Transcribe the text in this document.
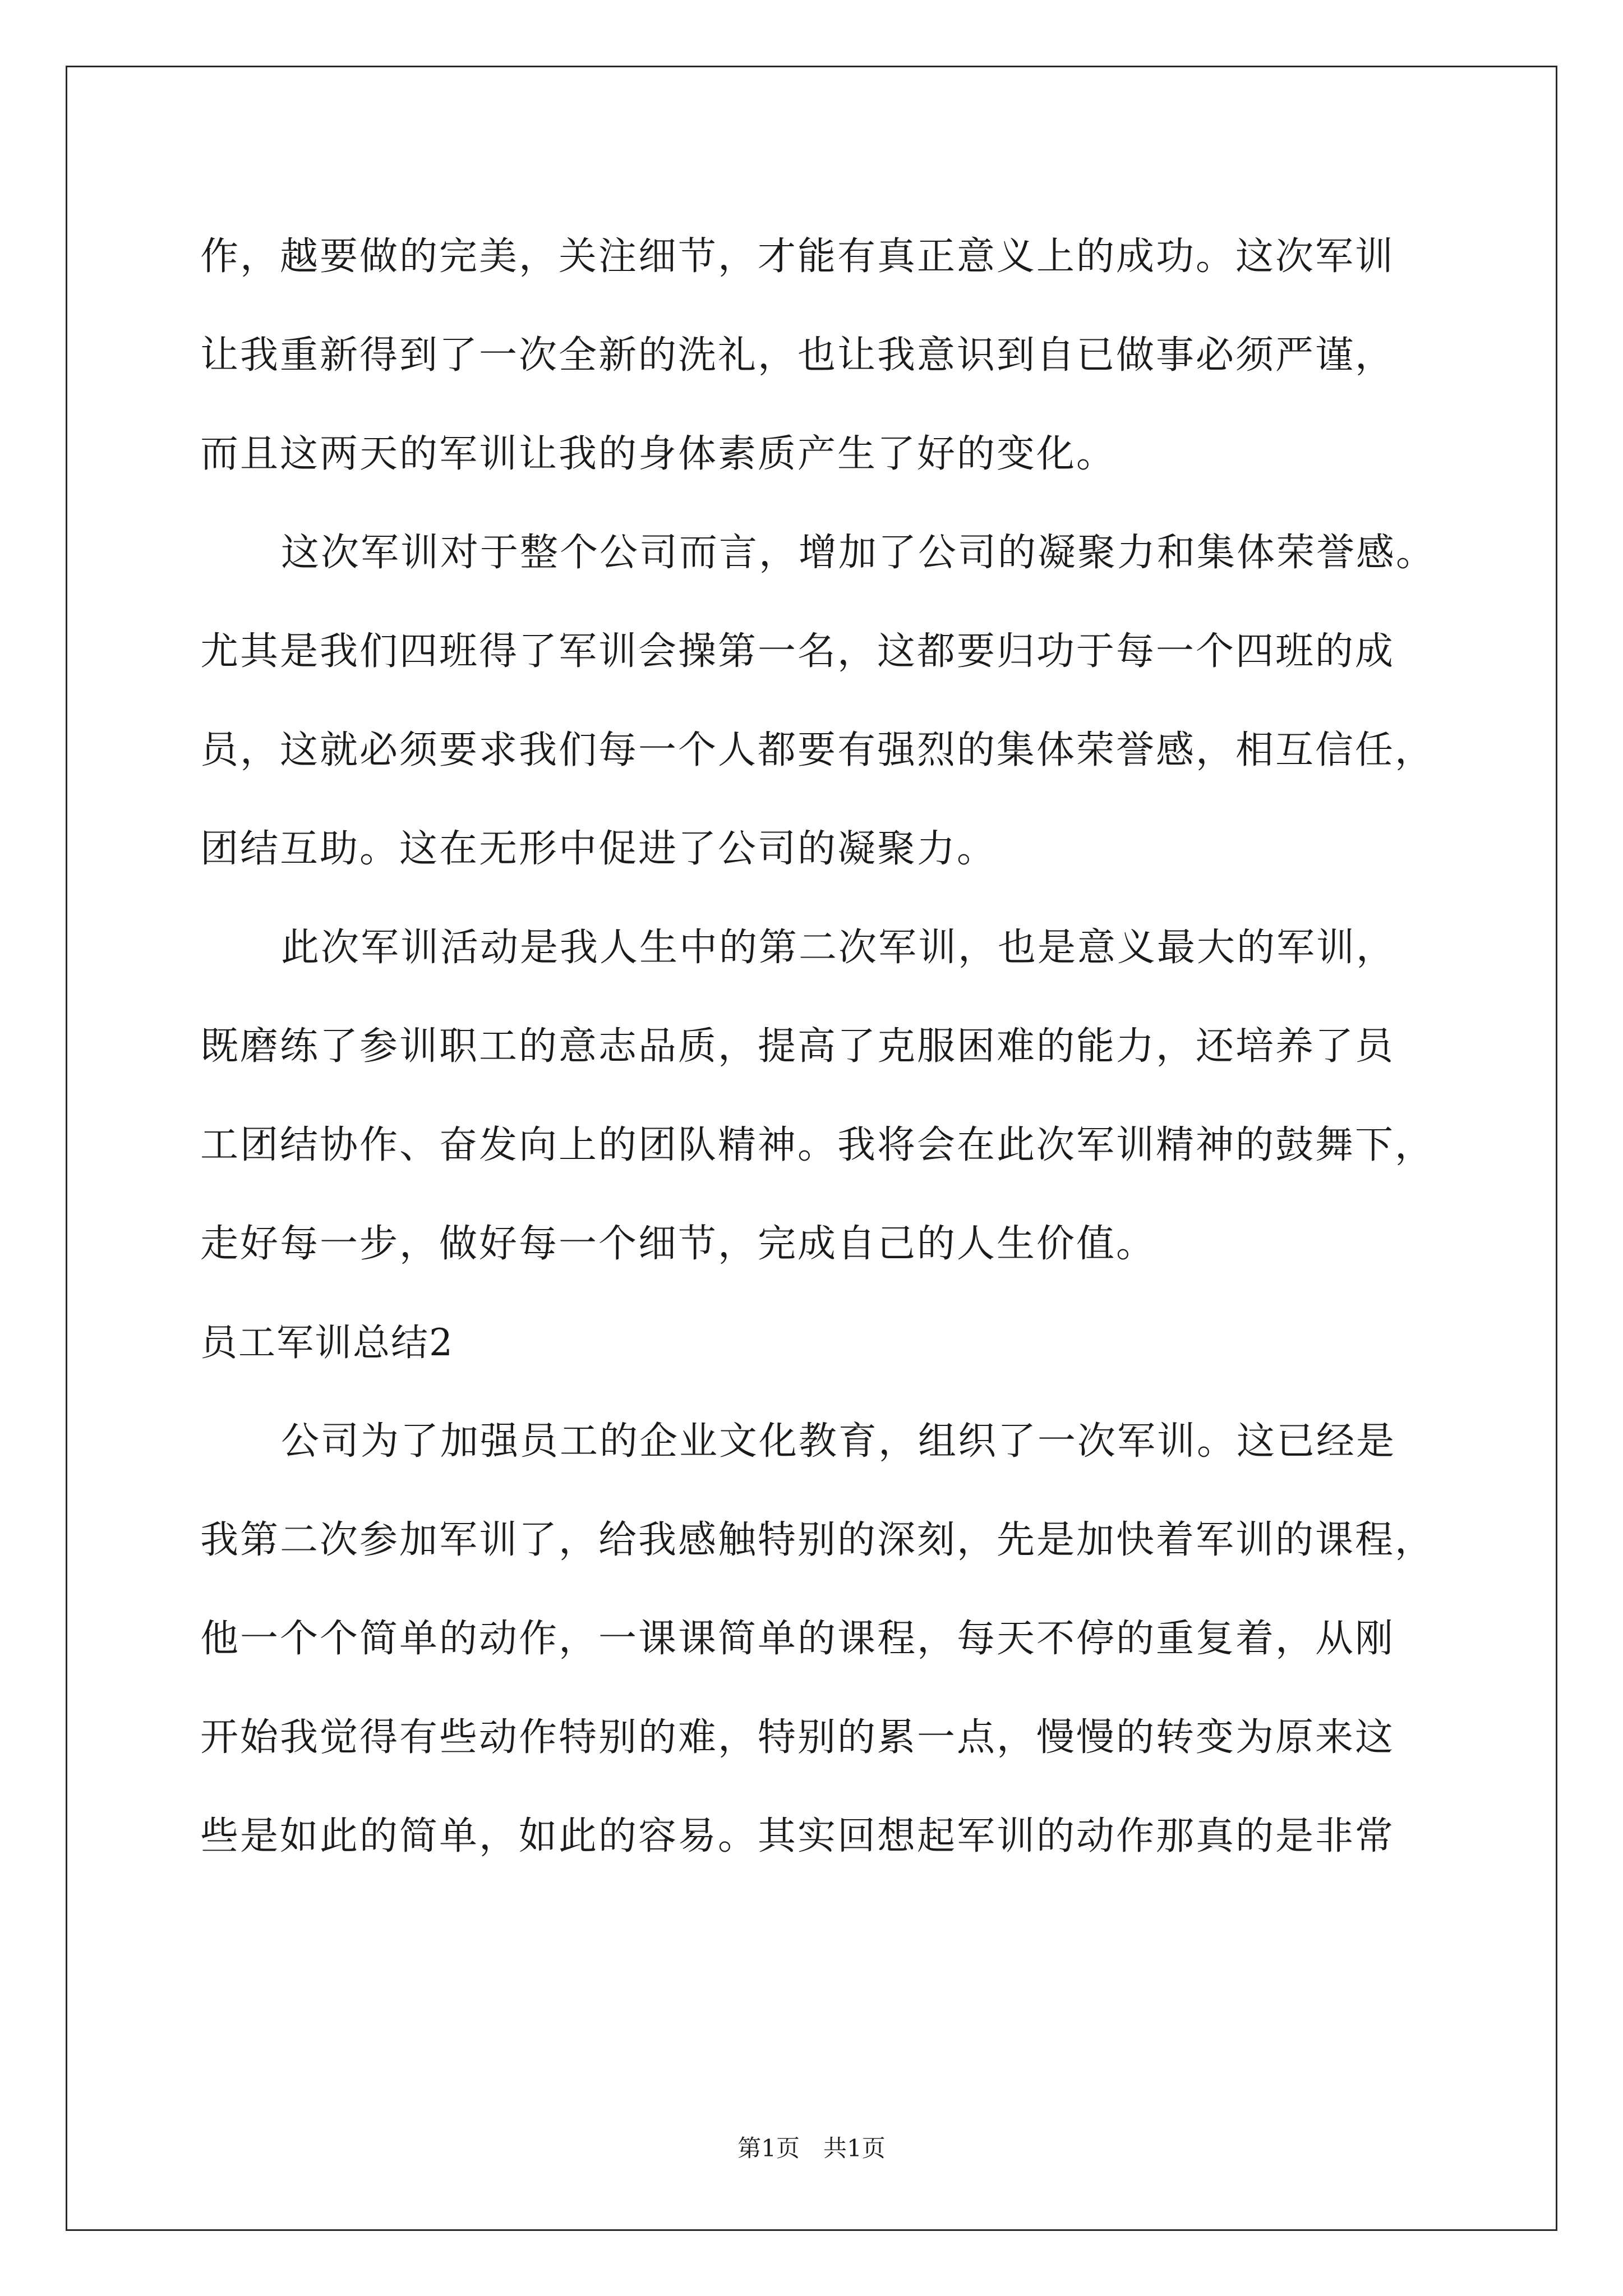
作，越要做的完美，关注细节，才能有真正意义上的成功。这次军训
让我重新得到了一次全新的洗礼，也让我意识到自已做事必须严谨，
而且这两天的军训让我的身体素质产生了好的变化。
这次军训对于整个公司而言，增加了公司的凝聚力和集体荣誉感。
尤其是我们四班得了军训会操第一名，这都要归功于每一个四班的成
员，这就必须要求我们每一个人都要有强烈的集体荣誉感，相互信任，
团结互助。这在无形中促进了公司的凝聚力。
此次军训活动是我人生中的第二次军训，也是意义最大的军训，
既磨练了参训职工的意志品质，提高了克服困难的能力，还培养了员
工团结协作、奋发向上的团队精神。我将会在此次军训精神的鼓舞下，
走好每一步，做好每一个细节，完成自己的人生价值。
员工军训总结2
公司为了加强员工的企业文化教育，组织了一次军训。这已经是
我第二次参加军训了，给我感触特别的深刻，先是加快着军训的课程，
他一个个简单的动作，一课课简单的课程，每天不停的重复着，从刚
开始我觉得有些动作特别的难，特别的累一点，慢慢的转变为原来这
些是如此的简单，如此的容易。其实回想起军训的动作那真的是非常
第1页　共1页
